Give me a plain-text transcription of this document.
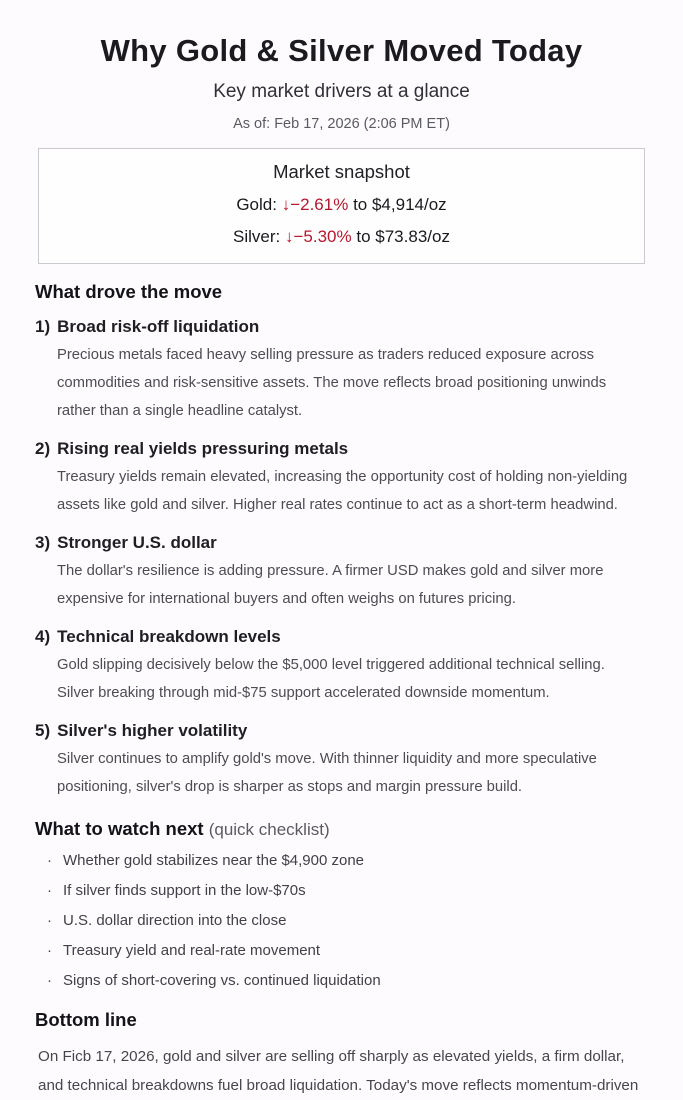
Why Gold & Silver Moved Today
Key market drivers at a glance
As of: Feb 17, 2026 (2:06 PM ET)
Market snapshot
Gold: ↓−2.61% to $4,914/oz
Silver: ↓−5.30% to $73.83/oz
What drove the move
1) Broad risk-off liquidation

Precious metals faced heavy selling pressure as traders reduced exposure across commodities and risk-sensitive assets. The move reflects broad positioning unwinds rather than a single headline catalyst.

2) Rising real yields pressuring metals

Treasury yields remain elevated, increasing the opportunity cost of holding non-yielding assets like gold and silver. Higher real rates continue to act as a short-term headwind.

3) Stronger U.S. dollar

The dollar's resilience is adding pressure. A firmer USD makes gold and silver more expensive for international buyers and often weighs on futures pricing.

4) Technical breakdown levels

Gold slipping decisively below the $5,000 level triggered additional technical selling. Silver breaking through mid-$75 support accelerated downside momentum.

5) Silver's higher volatility

Silver continues to amplify gold's move. With thinner liquidity and more speculative positioning, silver's drop is sharper as stops and margin pressure build.

What to watch next (quick checklist)
· Whether gold stabilizes near the $4,900 zone
· If silver finds support in the low-$70s
· U.S. dollar direction into the close
· Treasury yield and real-rate movement
· Signs of short-covering vs. continued liquidation
Bottom line

On Ficb 17, 2026, gold and silver are selling off sharply as elevated yields, a firm dollar, and technical breakdowns fuel broad liquidation. Today's move reflects momentum-driven
